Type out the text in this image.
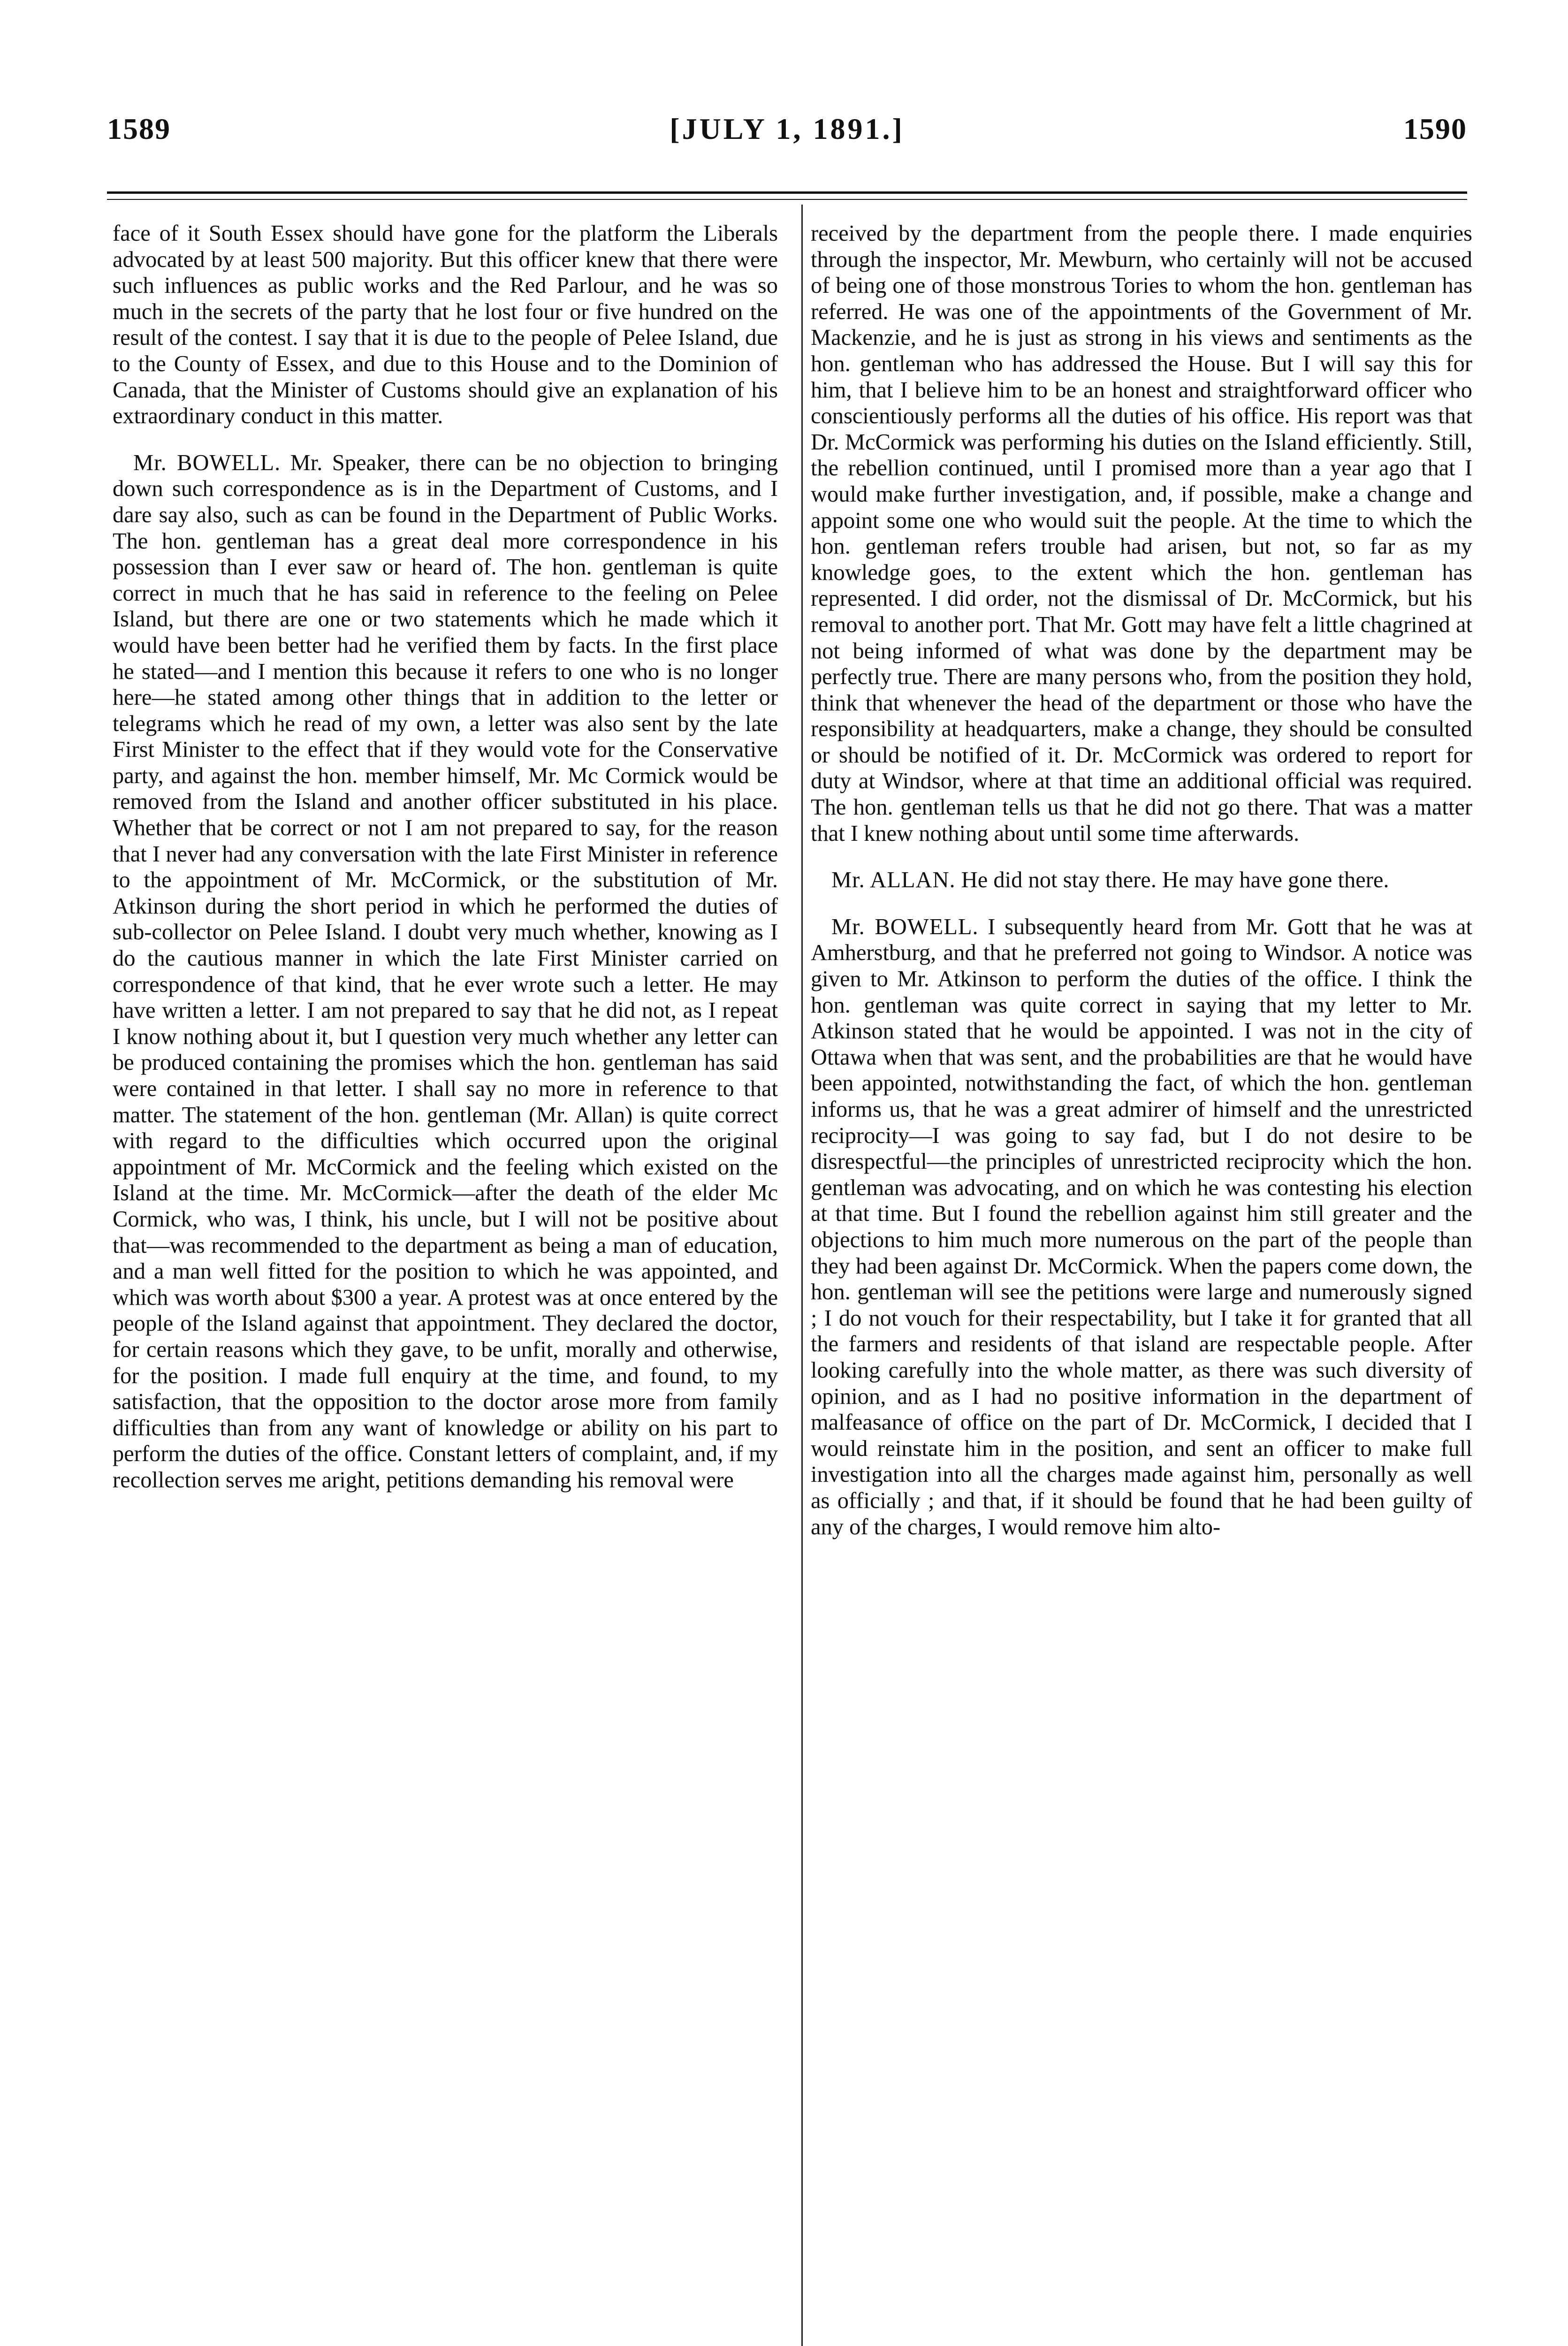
1589	[JULY 1, 1891.]	1590

face of it South Essex should have gone for the platform the Liberals advocated by at least 500 majority. But this officer knew that there were such influences as public works and the Red Parlour, and he was so much in the secrets of the party that he lost four or five hundred on the result of the contest. I say that it is due to the people of Pelee Island, due to the County of Essex, and due to this House and to the Dominion of Canada, that the Minister of Customs should give an explanation of his extraordinary conduct in this matter.

Mr. BOWELL. Mr. Speaker, there can be no objection to bringing down such correspondence as is in the Department of Customs, and I dare say also, such as can be found in the Department of Public Works. The hon. gentleman has a great deal more correspondence in his possession than I ever saw or heard of. The hon. gentleman is quite correct in much that he has said in reference to the feeling on Pelee Island, but there are one or two statements which he made which it would have been better had he verified them by facts. In the first place he stated—and I mention this because it refers to one who is no longer here—he stated among other things that in addition to the letter or telegrams which he read of my own, a letter was also sent by the late First Minister to the effect that if they would vote for the Conservative party, and against the hon. member himself, Mr. Mc Cormick would be removed from the Island and another officer substituted in his place. Whether that be correct or not I am not prepared to say, for the reason that I never had any conversation with the late First Minister in reference to the appointment of Mr. McCormick, or the substitution of Mr. Atkinson during the short period in which he performed the duties of sub-collector on Pelee Island. I doubt very much whether, knowing as I do the cautious manner in which the late First Minister carried on correspondence of that kind, that he ever wrote such a letter. He may have written a letter. I am not prepared to say that he did not, as I repeat I know nothing about it, but I question very much whether any letter can be produced containing the promises which the hon. gentleman has said were contained in that letter. I shall say no more in reference to that matter. The statement of the hon. gentleman (Mr. Allan) is quite correct with regard to the difficulties which occurred upon the original appointment of Mr. McCormick and the feeling which existed on the Island at the time. Mr. McCormick—after the death of the elder Mc Cormick, who was, I think, his uncle, but I will not be positive about that—was recommended to the department as being a man of education, and a man well fitted for the position to which he was appointed, and which was worth about $300 a year. A protest was at once entered by the people of the Island against that appointment. They declared the doctor, for certain reasons which they gave, to be unfit, morally and otherwise, for the position. I made full enquiry at the time, and found, to my satisfaction, that the opposition to the doctor arose more from family difficulties than from any want of knowledge or ability on his part to perform the duties of the office. Constant letters of complaint, and, if my recollection serves me aright, petitions demanding his removal were

received by the department from the people there. I made enquiries through the inspector, Mr. Mewburn, who certainly will not be accused of being one of those monstrous Tories to whom the hon. gentleman has referred. He was one of the appointments of the Government of Mr. Mackenzie, and he is just as strong in his views and sentiments as the hon. gentleman who has addressed the House. But I will say this for him, that I believe him to be an honest and straightforward officer who conscientiously performs all the duties of his office. His report was that Dr. McCormick was performing his duties on the Island efficiently. Still, the rebellion continued, until I promised more than a year ago that I would make further investigation, and, if possible, make a change and appoint some one who would suit the people. At the time to which the hon. gentleman refers trouble had arisen, but not, so far as my knowledge goes, to the extent which the hon. gentleman has represented. I did order, not the dismissal of Dr. McCormick, but his removal to another port. That Mr. Gott may have felt a little chagrined at not being informed of what was done by the department may be perfectly true. There are many persons who, from the position they hold, think that whenever the head of the department or those who have the responsibility at headquarters, make a change, they should be consulted or should be notified of it. Dr. McCormick was ordered to report for duty at Windsor, where at that time an additional official was required. The hon. gentleman tells us that he did not go there. That was a matter that I knew nothing about until some time afterwards.

Mr. ALLAN. He did not stay there. He may have gone there.

Mr. BOWELL. I subsequently heard from Mr. Gott that he was at Amherstburg, and that he preferred not going to Windsor. A notice was given to Mr. Atkinson to perform the duties of the office. I think the hon. gentleman was quite correct in saying that my letter to Mr. Atkinson stated that he would be appointed. I was not in the city of Ottawa when that was sent, and the probabilities are that he would have been appointed, notwithstanding the fact, of which the hon. gentleman informs us, that he was a great admirer of himself and the unrestricted reciprocity—I was going to say fad, but I do not desire to be disrespectful—the principles of unrestricted reciprocity which the hon. gentleman was advocating, and on which he was contesting his election at that time. But I found the rebellion against him still greater and the objections to him much more numerous on the part of the people than they had been against Dr. McCormick. When the papers come down, the hon. gentleman will see the petitions were large and numerously signed ; I do not vouch for their respectability, but I take it for granted that all the farmers and residents of that island are respectable people. After looking carefully into the whole matter, as there was such diversity of opinion, and as I had no positive information in the department of malfeasance of office on the part of Dr. McCormick, I decided that I would reinstate him in the position, and sent an officer to make full investigation into all the charges made against him, personally as well as officially ; and that, if it should be found that he had been guilty of any of the charges, I would remove him alto-
